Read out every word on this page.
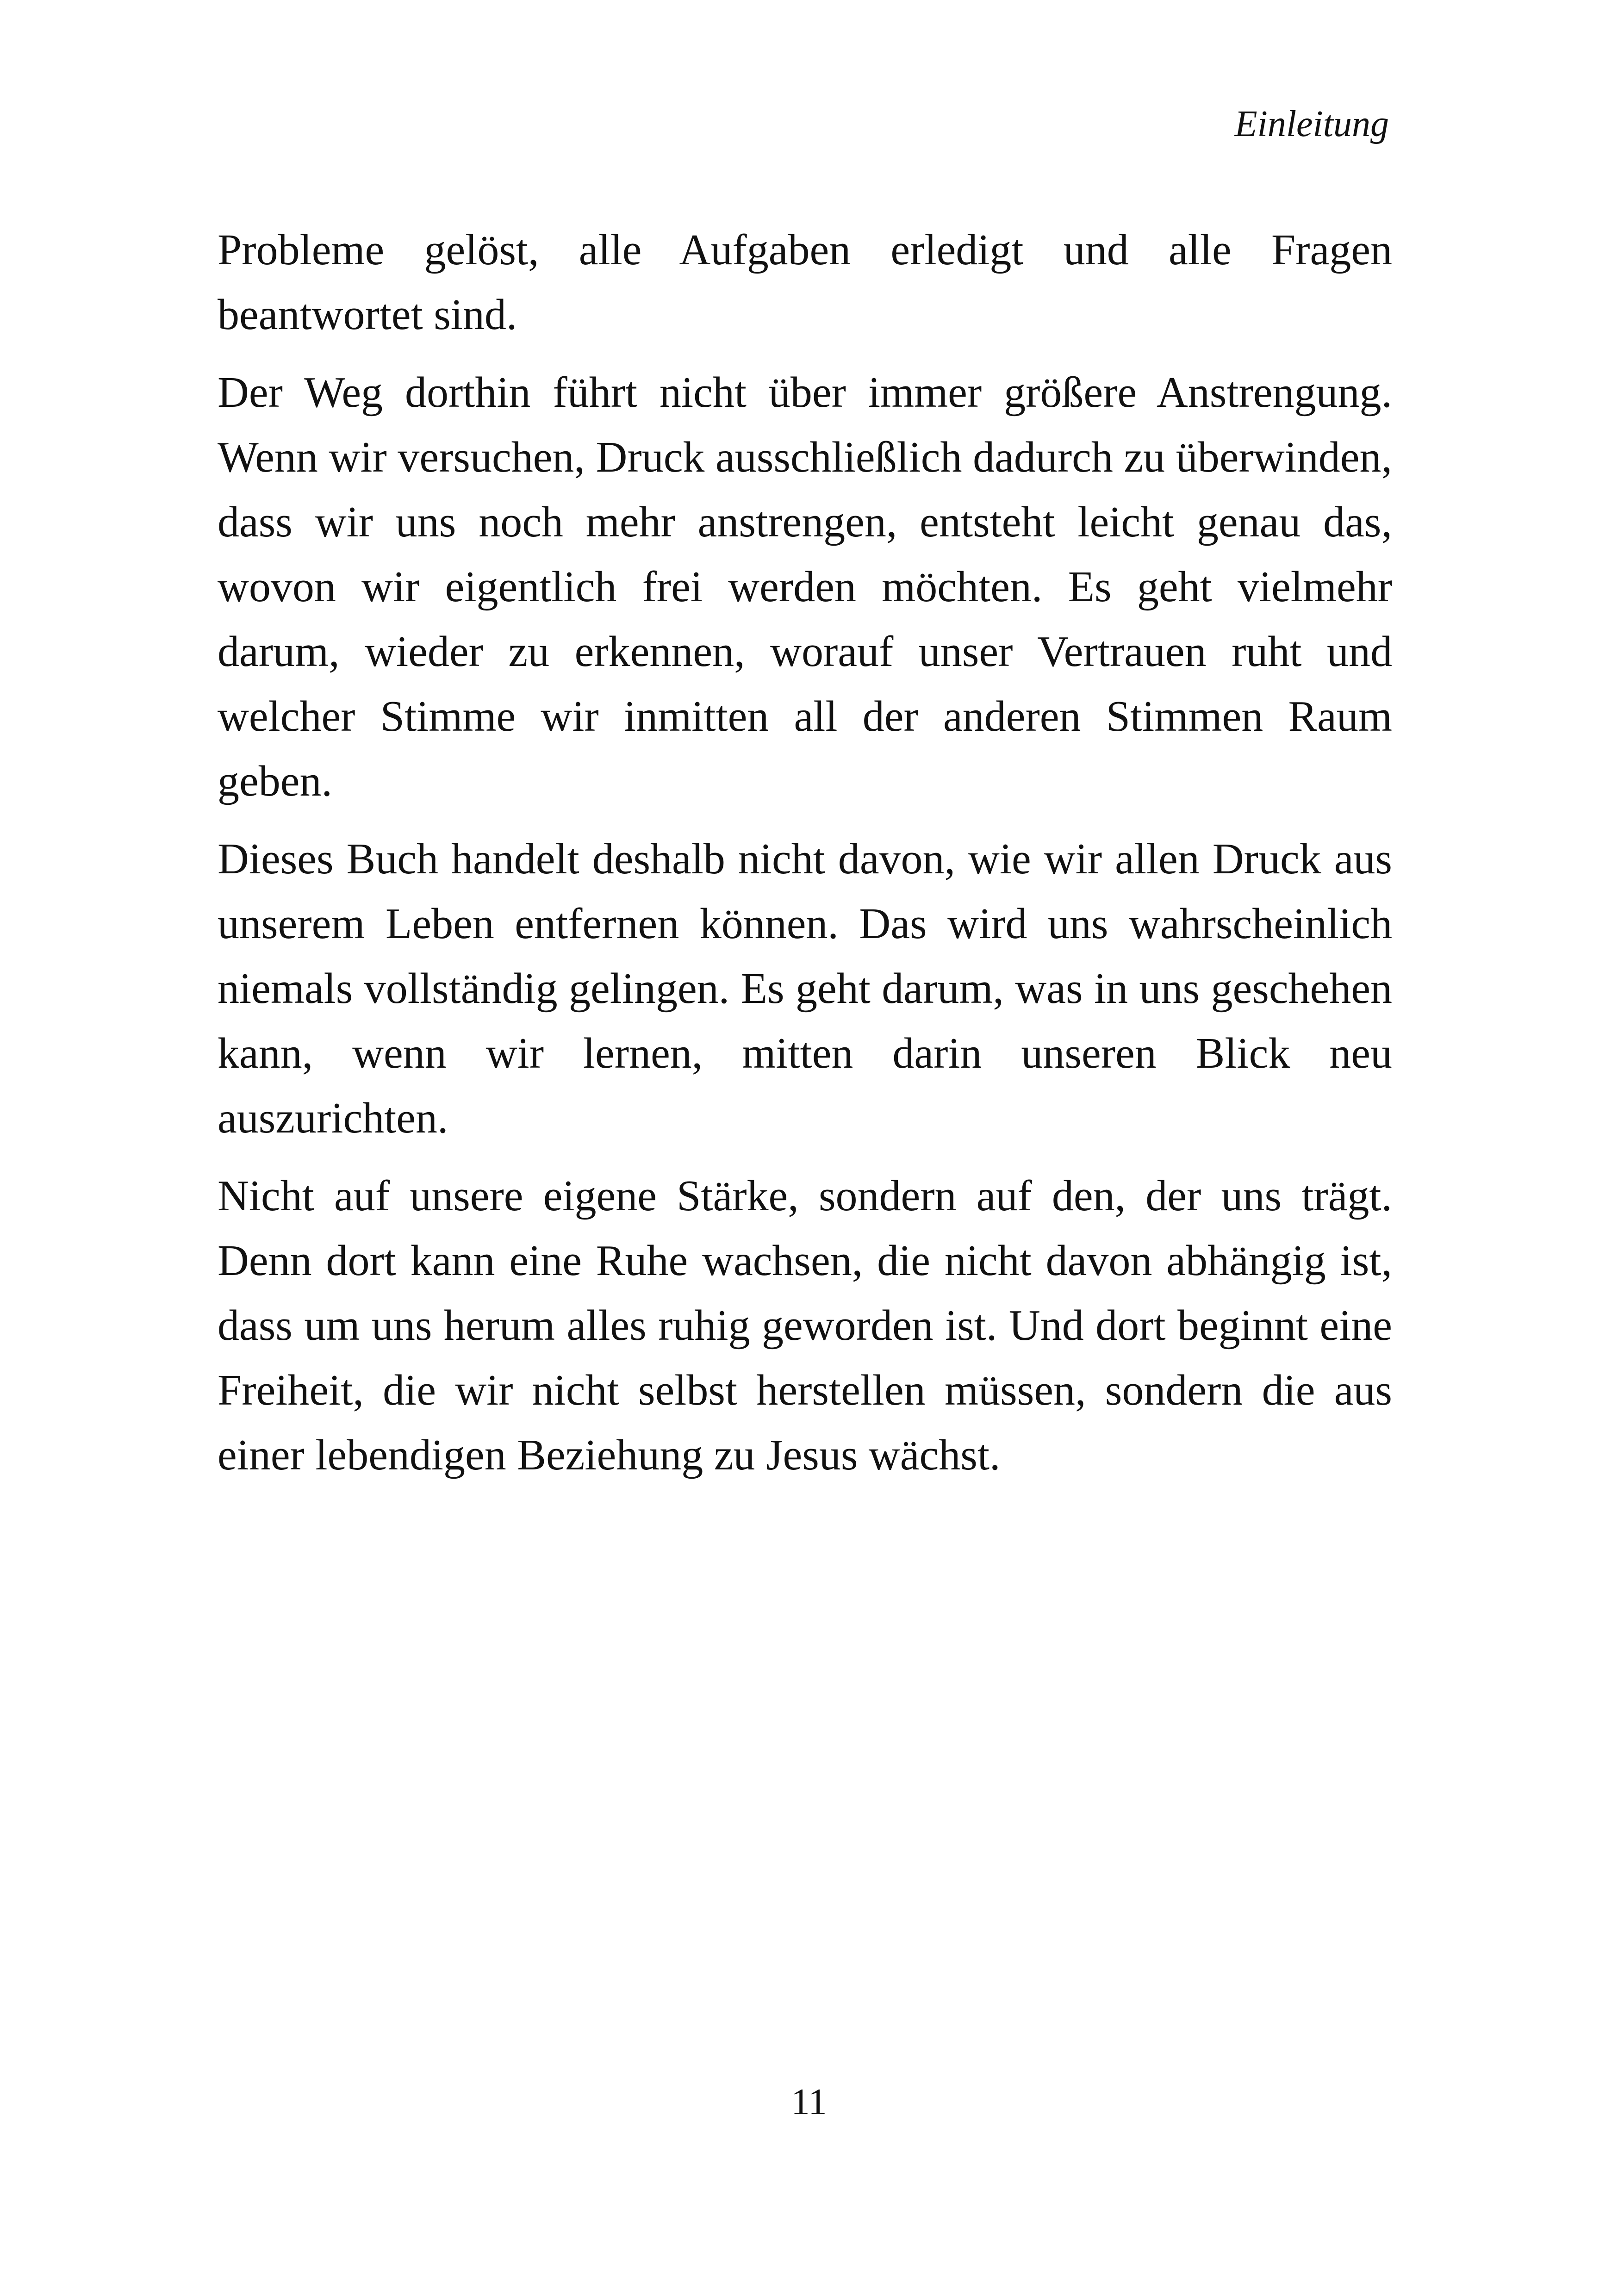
Einleitung

Probleme gelöst, alle Aufgaben erledigt und alle Fragen beantwortet sind.

Der Weg dorthin führt nicht über immer größere Anstrengung. Wenn wir versuchen, Druck ausschließlich dadurch zu überwinden, dass wir uns noch mehr anstrengen, entsteht leicht genau das, wovon wir eigentlich frei werden möchten. Es geht vielmehr darum, wieder zu erkennen, worauf unser Vertrauen ruht und welcher Stimme wir inmitten all der anderen Stimmen Raum geben.

Dieses Buch handelt deshalb nicht davon, wie wir allen Druck aus unserem Leben entfernen können. Das wird uns wahrscheinlich niemals vollständig gelingen. Es geht darum, was in uns geschehen kann, wenn wir lernen, mitten darin unseren Blick neu auszurichten.

Nicht auf unsere eigene Stärke, sondern auf den, der uns trägt. Denn dort kann eine Ruhe wachsen, die nicht davon abhängig ist, dass um uns herum alles ruhig geworden ist. Und dort beginnt eine Freiheit, die wir nicht selbst herstellen müssen, sondern die aus einer lebendigen Beziehung zu Jesus wächst.

11
